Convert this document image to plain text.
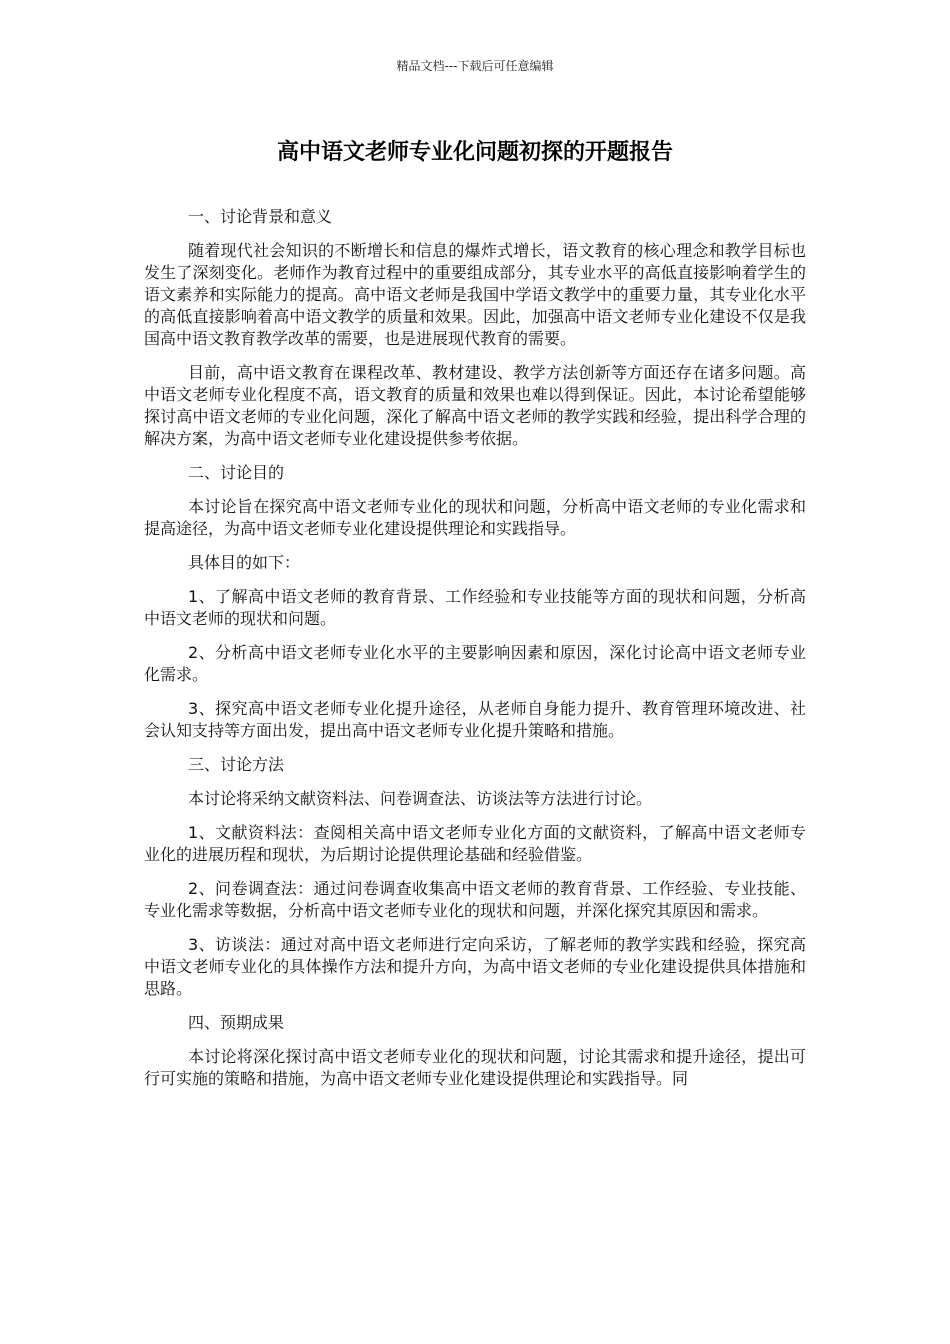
精品文档---下载后可任意编辑
高中语文老师专业化问题初探的开题报告

一、讨论背景和意义

随着现代社会知识的不断增长和信息的爆炸式增长，语文教育的核心理念和教学目标也发生了深刻变化。老师作为教育过程中的重要组成部分，其专业水平的高低直接影响着学生的语文素养和实际能力的提高。高中语文老师是我国中学语文教学中的重要力量，其专业化水平的高低直接影响着高中语文教学的质量和效果。因此，加强高中语文老师专业化建设不仅是我国高中语文教育教学改革的需要，也是进展现代教育的需要。

目前，高中语文教育在课程改革、教材建设、教学方法创新等方面还存在诸多问题。高中语文老师专业化程度不高，语文教育的质量和效果也难以得到保证。因此，本讨论希望能够探讨高中语文老师的专业化问题，深化了解高中语文老师的教学实践和经验，提出科学合理的解决方案，为高中语文老师专业化建设提供参考依据。

二、讨论目的

本讨论旨在探究高中语文老师专业化的现状和问题，分析高中语文老师的专业化需求和提高途径，为高中语文老师专业化建设提供理论和实践指导。

具体目的如下：

1、了解高中语文老师的教育背景、工作经验和专业技能等方面的现状和问题，分析高中语文老师的现状和问题。

2、分析高中语文老师专业化水平的主要影响因素和原因，深化讨论高中语文老师专业化需求。

3、探究高中语文老师专业化提升途径，从老师自身能力提升、教育管理环境改进、社会认知支持等方面出发，提出高中语文老师专业化提升策略和措施。

三、讨论方法

本讨论将采纳文献资料法、问卷调查法、访谈法等方法进行讨论。

1、文献资料法：查阅相关高中语文老师专业化方面的文献资料，了解高中语文老师专业化的进展历程和现状，为后期讨论提供理论基础和经验借鉴。

2、问卷调查法：通过问卷调查收集高中语文老师的教育背景、工作经验、专业技能、专业化需求等数据，分析高中语文老师专业化的现状和问题，并深化探究其原因和需求。

3、访谈法：通过对高中语文老师进行定向采访，了解老师的教学实践和经验，探究高中语文老师专业化的具体操作方法和提升方向，为高中语文老师的专业化建设提供具体措施和思路。

四、预期成果

本讨论将深化探讨高中语文老师专业化的现状和问题，讨论其需求和提升途径，提出可行可实施的策略和措施，为高中语文老师专业化建设提供理论和实践指导。同
